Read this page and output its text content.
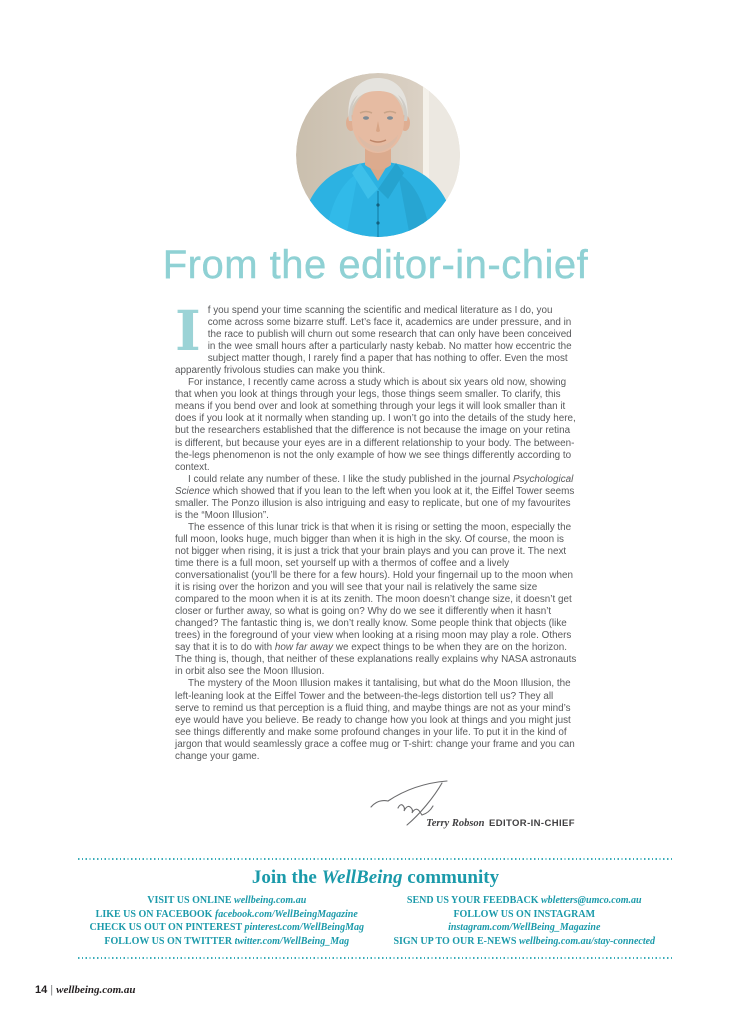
From the editor-in-chief

If you spend your time scanning the scientific and medical literature as I do, you come across some bizarre stuff. Let’s face it, academics are under pressure, and in the race to publish will churn out some research that can only have been conceived in the wee small hours after a particularly nasty kebab. No matter how eccentric the subject matter though, I rarely find a paper that has nothing to offer. Even the most apparently frivolous studies can make you think.

For instance, I recently came across a study which is about six years old now, showing that when you look at things through your legs, those things seem smaller. To clarify, this means if you bend over and look at something through your legs it will look smaller than it does if you look at it normally when standing up. I won’t go into the details of the study here, but the researchers established that the difference is not because the image on your retina is different, but because your eyes are in a different relationship to your body. The between-the-legs phenomenon is not the only example of how we see things differently according to context.

I could relate any number of these. I like the study published in the journal Psychological Science which showed that if you lean to the left when you look at it, the Eiffel Tower seems smaller. The Ponzo illusion is also intriguing and easy to replicate, but one of my favourites is the “Moon Illusion”.

The essence of this lunar trick is that when it is rising or setting the moon, especially the full moon, looks huge, much bigger than when it is high in the sky. Of course, the moon is not bigger when rising, it is just a trick that your brain plays and you can prove it. The next time there is a full moon, set yourself up with a thermos of coffee and a lively conversationalist (you’ll be there for a few hours). Hold your fingernail up to the moon when it is rising over the horizon and you will see that your nail is relatively the same size compared to the moon when it is at its zenith. The moon doesn’t change size, it doesn’t get closer or further away, so what is going on? Why do we see it differently when it hasn’t changed? The fantastic thing is, we don’t really know. Some people think that objects (like trees) in the foreground of your view when looking at a rising moon may play a role. Others say that it is to do with how far away we expect things to be when they are on the horizon. The thing is, though, that neither of these explanations really explains why NASA astronauts in orbit also see the Moon Illusion.

The mystery of the Moon Illusion makes it tantalising, but what do the Moon Illusion, the left-leaning look at the Eiffel Tower and the between-the-legs distortion tell us? They all serve to remind us that perception is a fluid thing, and maybe things are not as your mind’s eye would have you believe. Be ready to change how you look at things and you might just see things differently and make some profound changes in your life. To put it in the kind of jargon that would seamlessly grace a coffee mug or T-shirt: change your frame and you can change your game.

Terry Robson EDITOR-IN-CHIEF
Join the WellBeing community
VISIT US ONLINE wellbeing.com.au
LIKE US ON FACEBOOK facebook.com/WellBeingMagazine
CHECK US OUT ON PINTEREST pinterest.com/WellBeingMag
FOLLOW US ON TWITTER twitter.com/WellBeing_Mag
SEND US YOUR FEEDBACK wbletters@umco.com.au
FOLLOW US ON INSTAGRAM
instagram.com/WellBeing_Magazine
SIGN UP TO OUR E-NEWS wellbeing.com.au/stay-connected
14 | wellbeing.com.au
